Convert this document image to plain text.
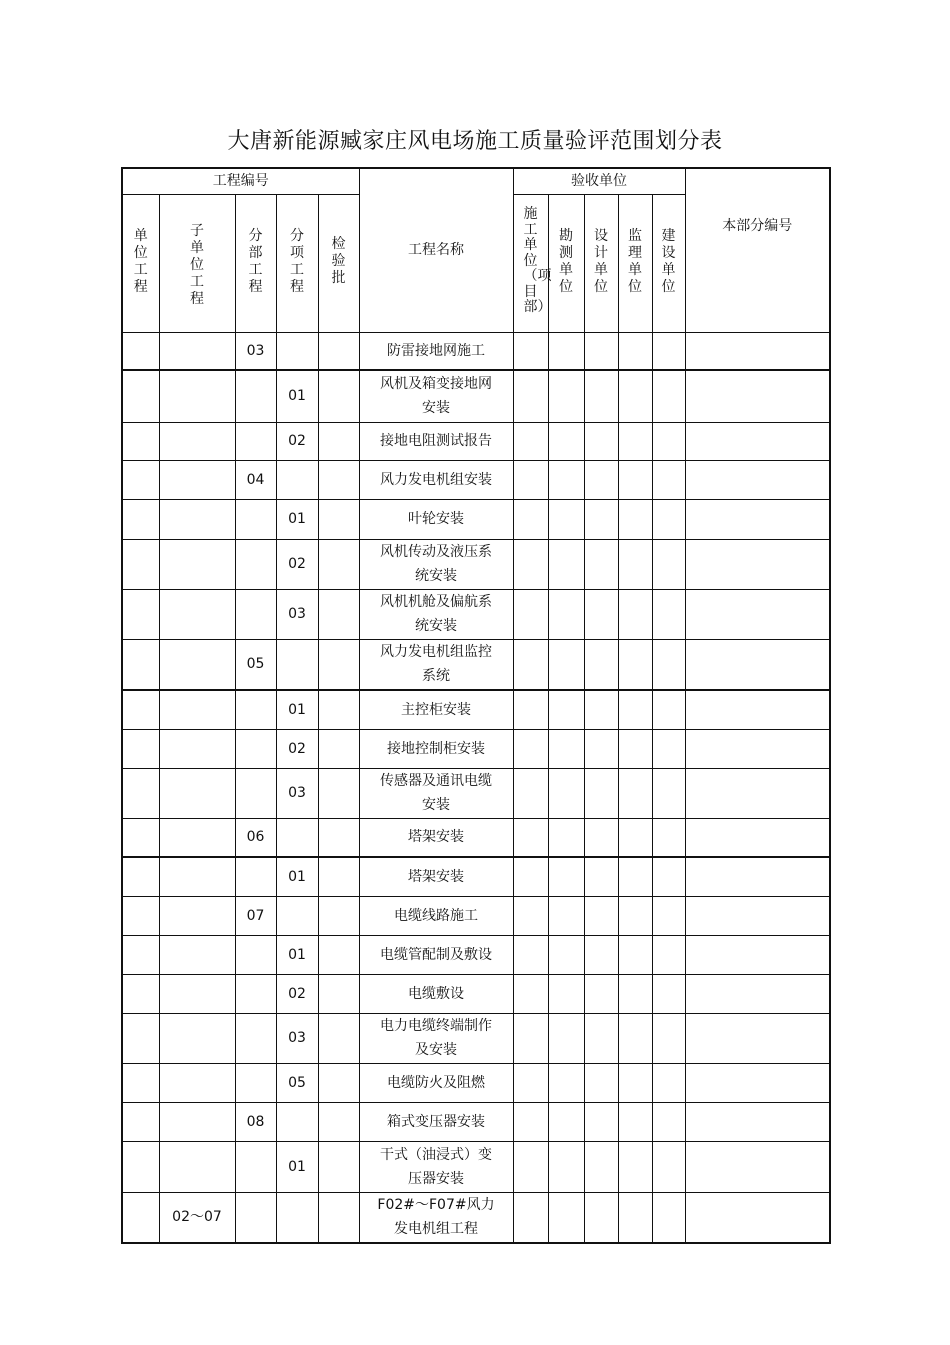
大唐新能源臧家庄风电场施工质量验评范围划分表
工程编号					工程名称	验收单位					本部分编号
单位工程	子单位工程	分部工程	分项工程	检验批		施工单位（项目部）	勘测单位	设计单位	监理单位	建设单位	
		03			防雷接地网施工						
			01		风机及箱变接地网安装						
			02		接地电阻测试报告						
		04			风力发电机组安装						
			01		叶轮安装						
			02		风机传动及液压系统安装						
			03		风机机舱及偏航系统安装						
		05			风力发电机组监控系统						
			01		主控柜安装						
			02		接地控制柜安装						
			03		传感器及通讯电缆安装						
		06			塔架安装						
			01		塔架安装						
		07			电缆线路施工						
			01		电缆管配制及敷设						
			02		电缆敷设						
			03		电力电缆终端制作及安装						
			05		电缆防火及阻燃						
		08			箱式变压器安装						
			01		干式（油浸式）变压器安装						
	02～07				F02#～F07#风力发电机组工程						
